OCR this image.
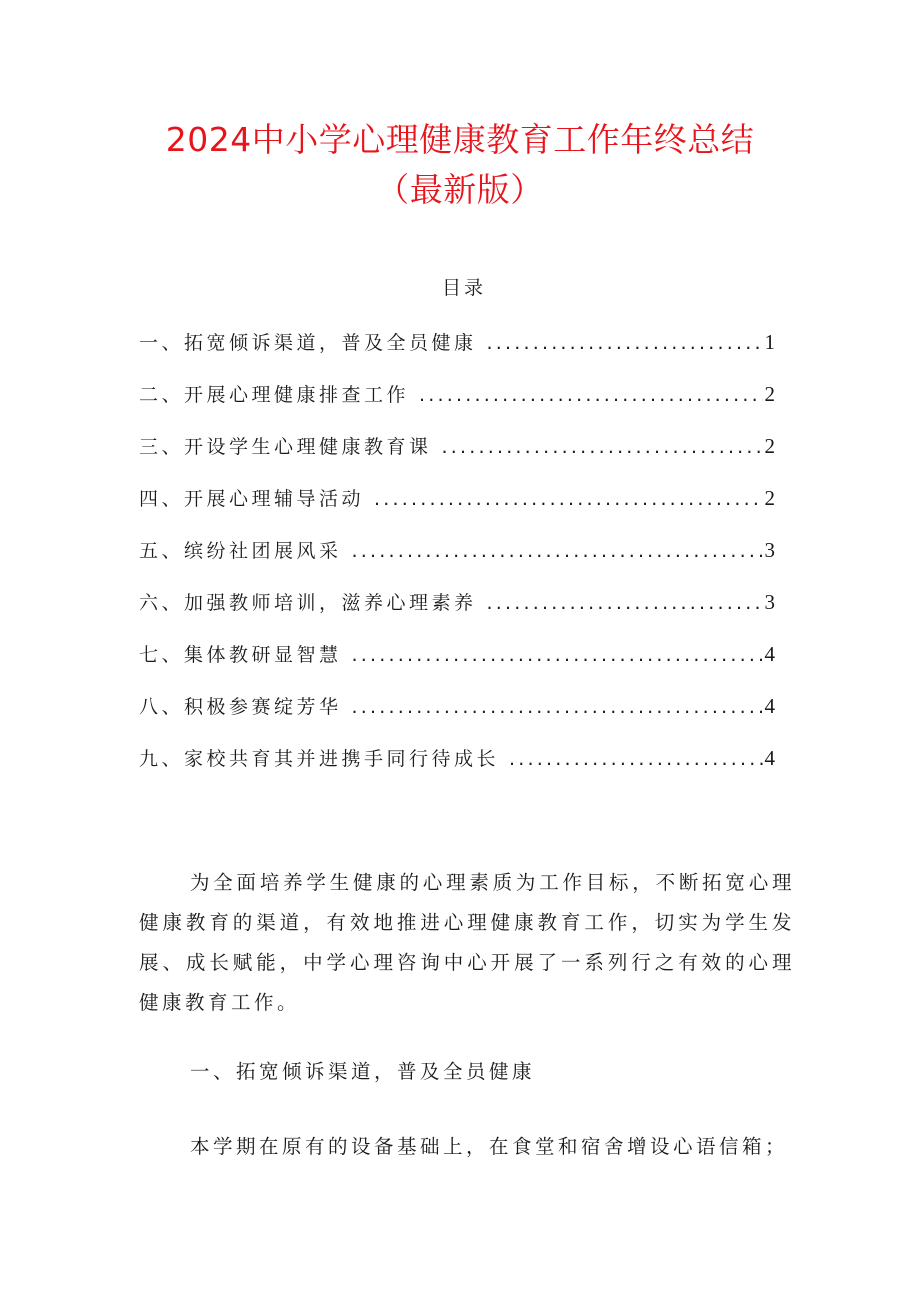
2024中小学心理健康教育工作年终总结
（最新版）
目录
一、拓宽倾诉渠道，普及全员健康 .....	1
二、开展心理健康排查工作 .....	2
三、开设学生心理健康教育课 .....	2
四、开展心理辅导活动 .....	2
五、缤纷社团展风采 .....	3
六、加强教师培训，滋养心理素养 .....	3
七、集体教研显智慧 .....	4
八、积极参赛绽芳华 .....	4
九、家校共育其并进携手同行待成长 .....	4

为全面培养学生健康的心理素质为工作目标，不断拓宽心理健康教育的渠道，有效地推进心理健康教育工作，切实为学生发展、成长赋能，中学心理咨询中心开展了一系列行之有效的心理健康教育工作。

一、拓宽倾诉渠道，普及全员健康

本学期在原有的设备基础上，在食堂和宿舍增设心语信箱；
